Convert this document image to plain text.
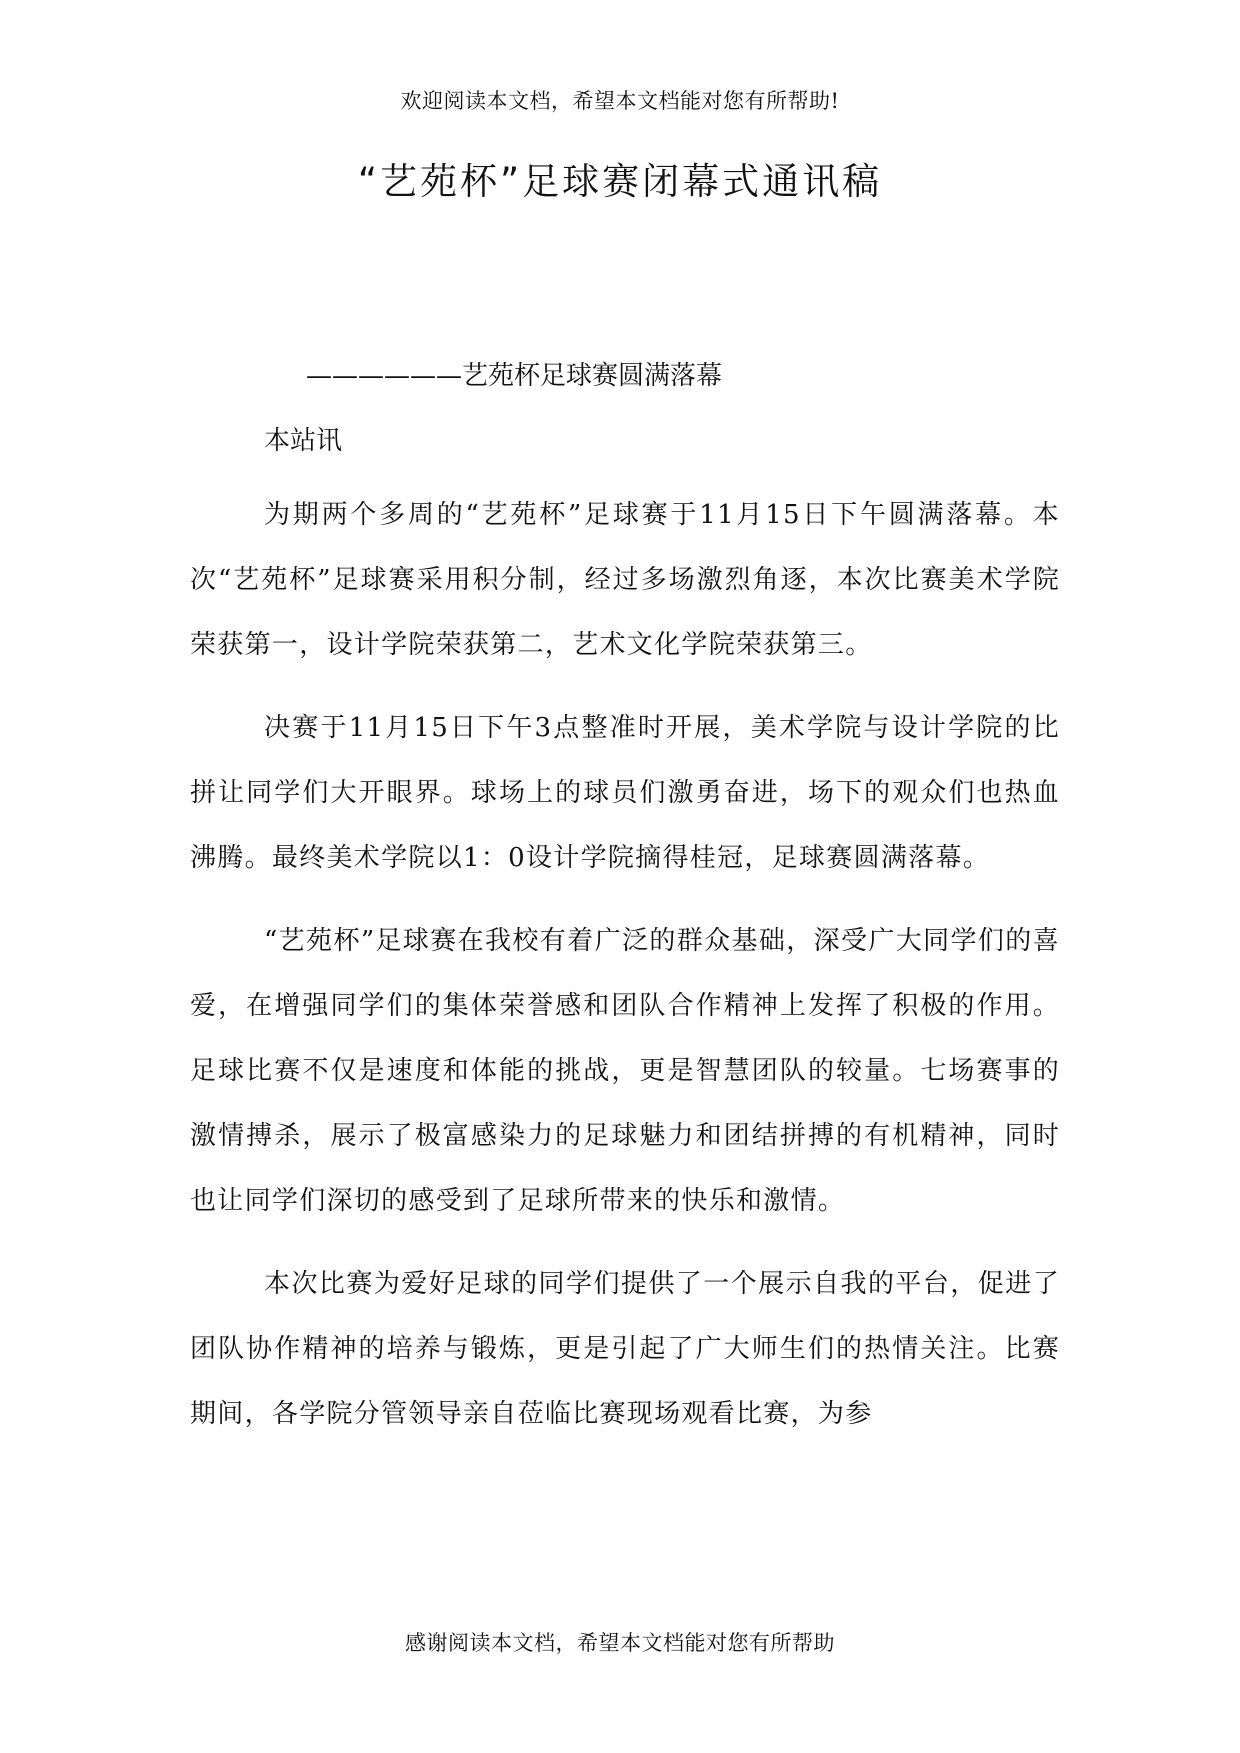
欢迎阅读本文档，希望本文档能对您有所帮助!
“艺苑杯”足球赛闭幕式通讯稿
——————艺苑杯足球赛圆满落幕
本站讯

为期两个多周的“艺苑杯”足球赛于11月15日下午圆满落幕。本次“艺苑杯”足球赛采用积分制，经过多场激烈角逐，本次比赛美术学院荣获第一，设计学院荣获第二，艺术文化学院荣获第三。

决赛于11月15日下午3点整准时开展，美术学院与设计学院的比拼让同学们大开眼界。球场上的球员们激勇奋进，场下的观众们也热血沸腾。最终美术学院以1：0设计学院摘得桂冠，足球赛圆满落幕。

“艺苑杯”足球赛在我校有着广泛的群众基础，深受广大同学们的喜爱，在增强同学们的集体荣誉感和团队合作精神上发挥了积极的作用。足球比赛不仅是速度和体能的挑战，更是智慧团队的较量。七场赛事的激情搏杀，展示了极富感染力的足球魅力和团结拼搏的有机精神，同时也让同学们深切的感受到了足球所带来的快乐和激情。

本次比赛为爱好足球的同学们提供了一个展示自我的平台，促进了团队协作精神的培养与锻炼，更是引起了广大师生们的热情关注。比赛期间，各学院分管领导亲自莅临比赛现场观看比赛，为参

感谢阅读本文档，希望本文档能对您有所帮助
